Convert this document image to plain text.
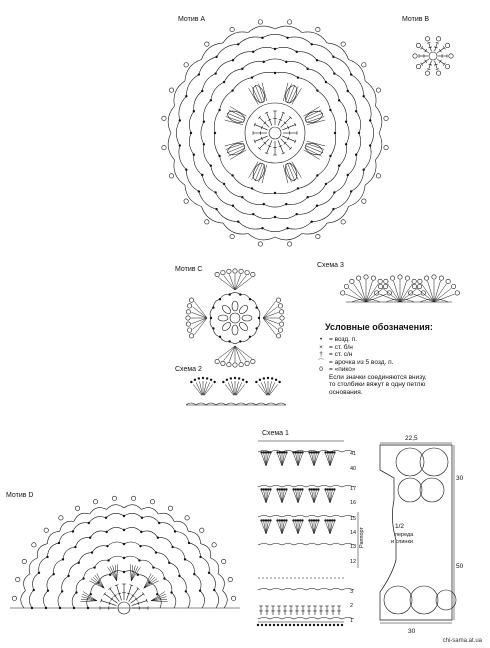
Мотив А	Мотив В
Мотив С
Схема 3
Схема 2
Схема 1
Мотив D
41
40
17
16
15
14
13
12
3
2
1
Раппорт
22,5
30
50
30
1/2
переда
и спинки
Условные обозначения:
•	= возд. п.
× = ст. б/н
† = ст. с/н
⌒ = арочка из 5 возд. п.
0 = «пико»
Если значки соединяются внизу,
то столбики вяжут в одну петлю
основания.
chi-sama.at.ua
